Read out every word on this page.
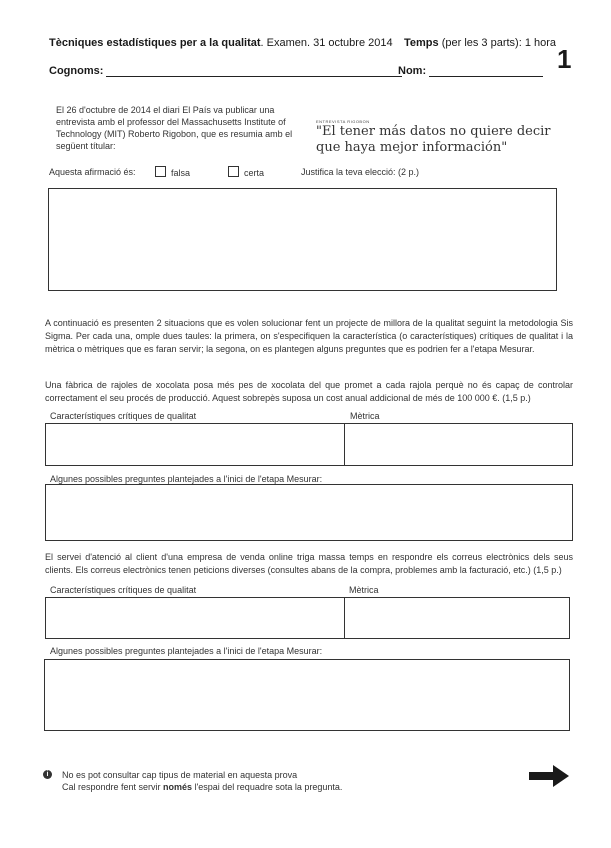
Tècniques estadístiques per a la qualitat. Examen. 31 octubre 2014 Temps (per les 3 parts): 1 hora
1
Cognoms:	Nom:
El 26 d'octubre de 2014 el diari El País va publicar una entrevista amb el professor del Massachusetts Institute of Technology (MIT) Roberto Rigobon, que es resumia amb el següent títular:
ENTREVISTA RIGOBON
"El tener más datos no quiere decir que haya mejor información"
Aquesta afirmació és:	falsa	certa	Justifica la teva elecció: (2 p.)
A continuació es presenten 2 situacions que es volen solucionar fent un projecte de millora de la qualitat seguint la metodologia Sis Sigma. Per cada una, omple dues taules: la primera, on s'especifiquen la característica (o característiques) crítiques de qualitat i la mètrica o mètriques que es faran servir; la segona, on es plantegen alguns preguntes que es podrien fer a l'etapa Mesurar.
Una fàbrica de rajoles de xocolata posa més pes de xocolata del que promet a cada rajola perquè no és capaç de controlar correctament el seu procés de producció. Aquest sobrepès suposa un cost anual addicional de més de 100 000 €. (1,5 p.)
Característiques crítiques de qualitat	Mètrica
Algunes possibles preguntes plantejades a l'inici de l'etapa Mesurar:
El servei d'atenció al client d'una empresa de venda online triga massa temps en respondre els correus electrònics dels seus clients. Els correus electrònics tenen peticions diverses (consultes abans de la compra, problemes amb la facturació, etc.) (1,5 p.)
Característiques crítiques de qualitat	Mètrica
Algunes possibles preguntes plantejades a l'inici de l'etapa Mesurar:
i	No es pot consultar cap tipus de material en aquesta prova
Cal respondre fent servir només l'espai del requadre sota la pregunta.
